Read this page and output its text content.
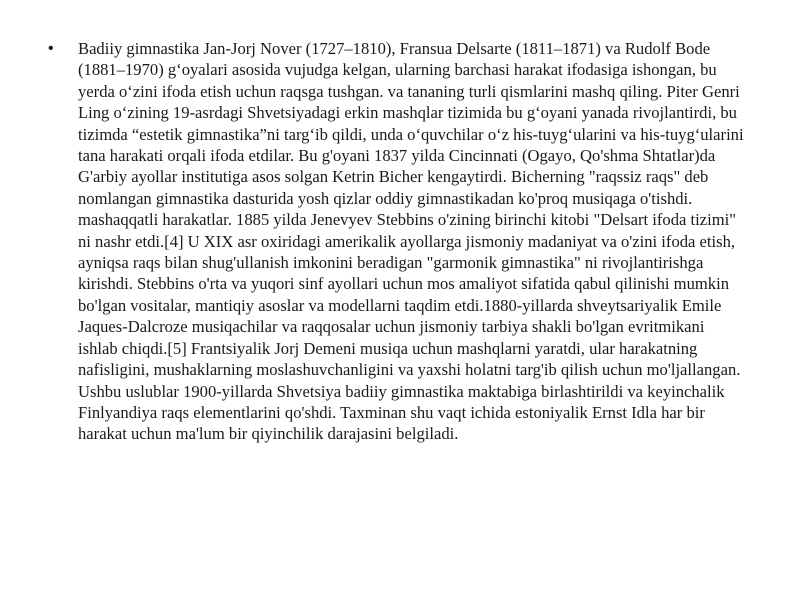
• Badiiy gimnastika Jan-Jorj Nover (1727–1810), Fransua Delsarte (1811–1871) va Rudolf Bode (1881–1970) g‘oyalari asosida vujudga kelgan, ularning barchasi harakat ifodasiga ishongan, bu yerda o‘zini ifoda etish uchun raqsga tushgan. va tananing turli qismlarini mashq qiling. Piter Genri Ling o‘zining 19-asrdagi Shvetsiyadagi erkin mashqlar tizimida bu g‘oyani yanada rivojlantirdi, bu tizimda “estetik gimnastika”ni targ‘ib qildi, unda o‘quvchilar o‘z his-tuyg‘ularini va his-tuyg‘ularini tana harakati orqali ifoda etdilar. Bu g'oyani 1837 yilda Cincinnati (Ogayo, Qo'shma Shtatlar)da G'arbiy ayollar institutiga asos solgan Ketrin Bicher kengaytirdi. Bicherning "raqssiz raqs" deb nomlangan gimnastika dasturida yosh qizlar oddiy gimnastikadan ko'proq musiqaga o'tishdi. mashaqqatli harakatlar. 1885 yilda Jenevyev Stebbins o'zining birinchi kitobi "Delsart ifoda tizimi" ni nashr etdi.[4] U XIX asr oxiridagi amerikalik ayollarga jismoniy madaniyat va o'zini ifoda etish, ayniqsa raqs bilan shug'ullanish imkonini beradigan "garmonik gimnastika" ni rivojlantirishga kirishdi. Stebbins o'rta va yuqori sinf ayollari uchun mos amaliyot sifatida qabul qilinishi mumkin bo'lgan vositalar, mantiqiy asoslar va modellarni taqdim etdi.1880-yillarda shveytsariyalik Emile Jaques-Dalcroze musiqachilar va raqqosalar uchun jismoniy tarbiya shakli bo'lgan evritmikani ishlab chiqdi.[5] Frantsiyalik Jorj Demeni musiqa uchun mashqlarni yaratdi, ular harakatning nafisligini, mushaklarning moslashuvchanligini va yaxshi holatni targ'ib qilish uchun mo'ljallangan. Ushbu uslublar 1900-yillarda Shvetsiya badiiy gimnastika maktabiga birlashtirildi va keyinchalik Finlyandiya raqs elementlarini qo'shdi. Taxminan shu vaqt ichida estoniyalik Ernst Idla har bir harakat uchun ma'lum bir qiyinchilik darajasini belgiladi.
